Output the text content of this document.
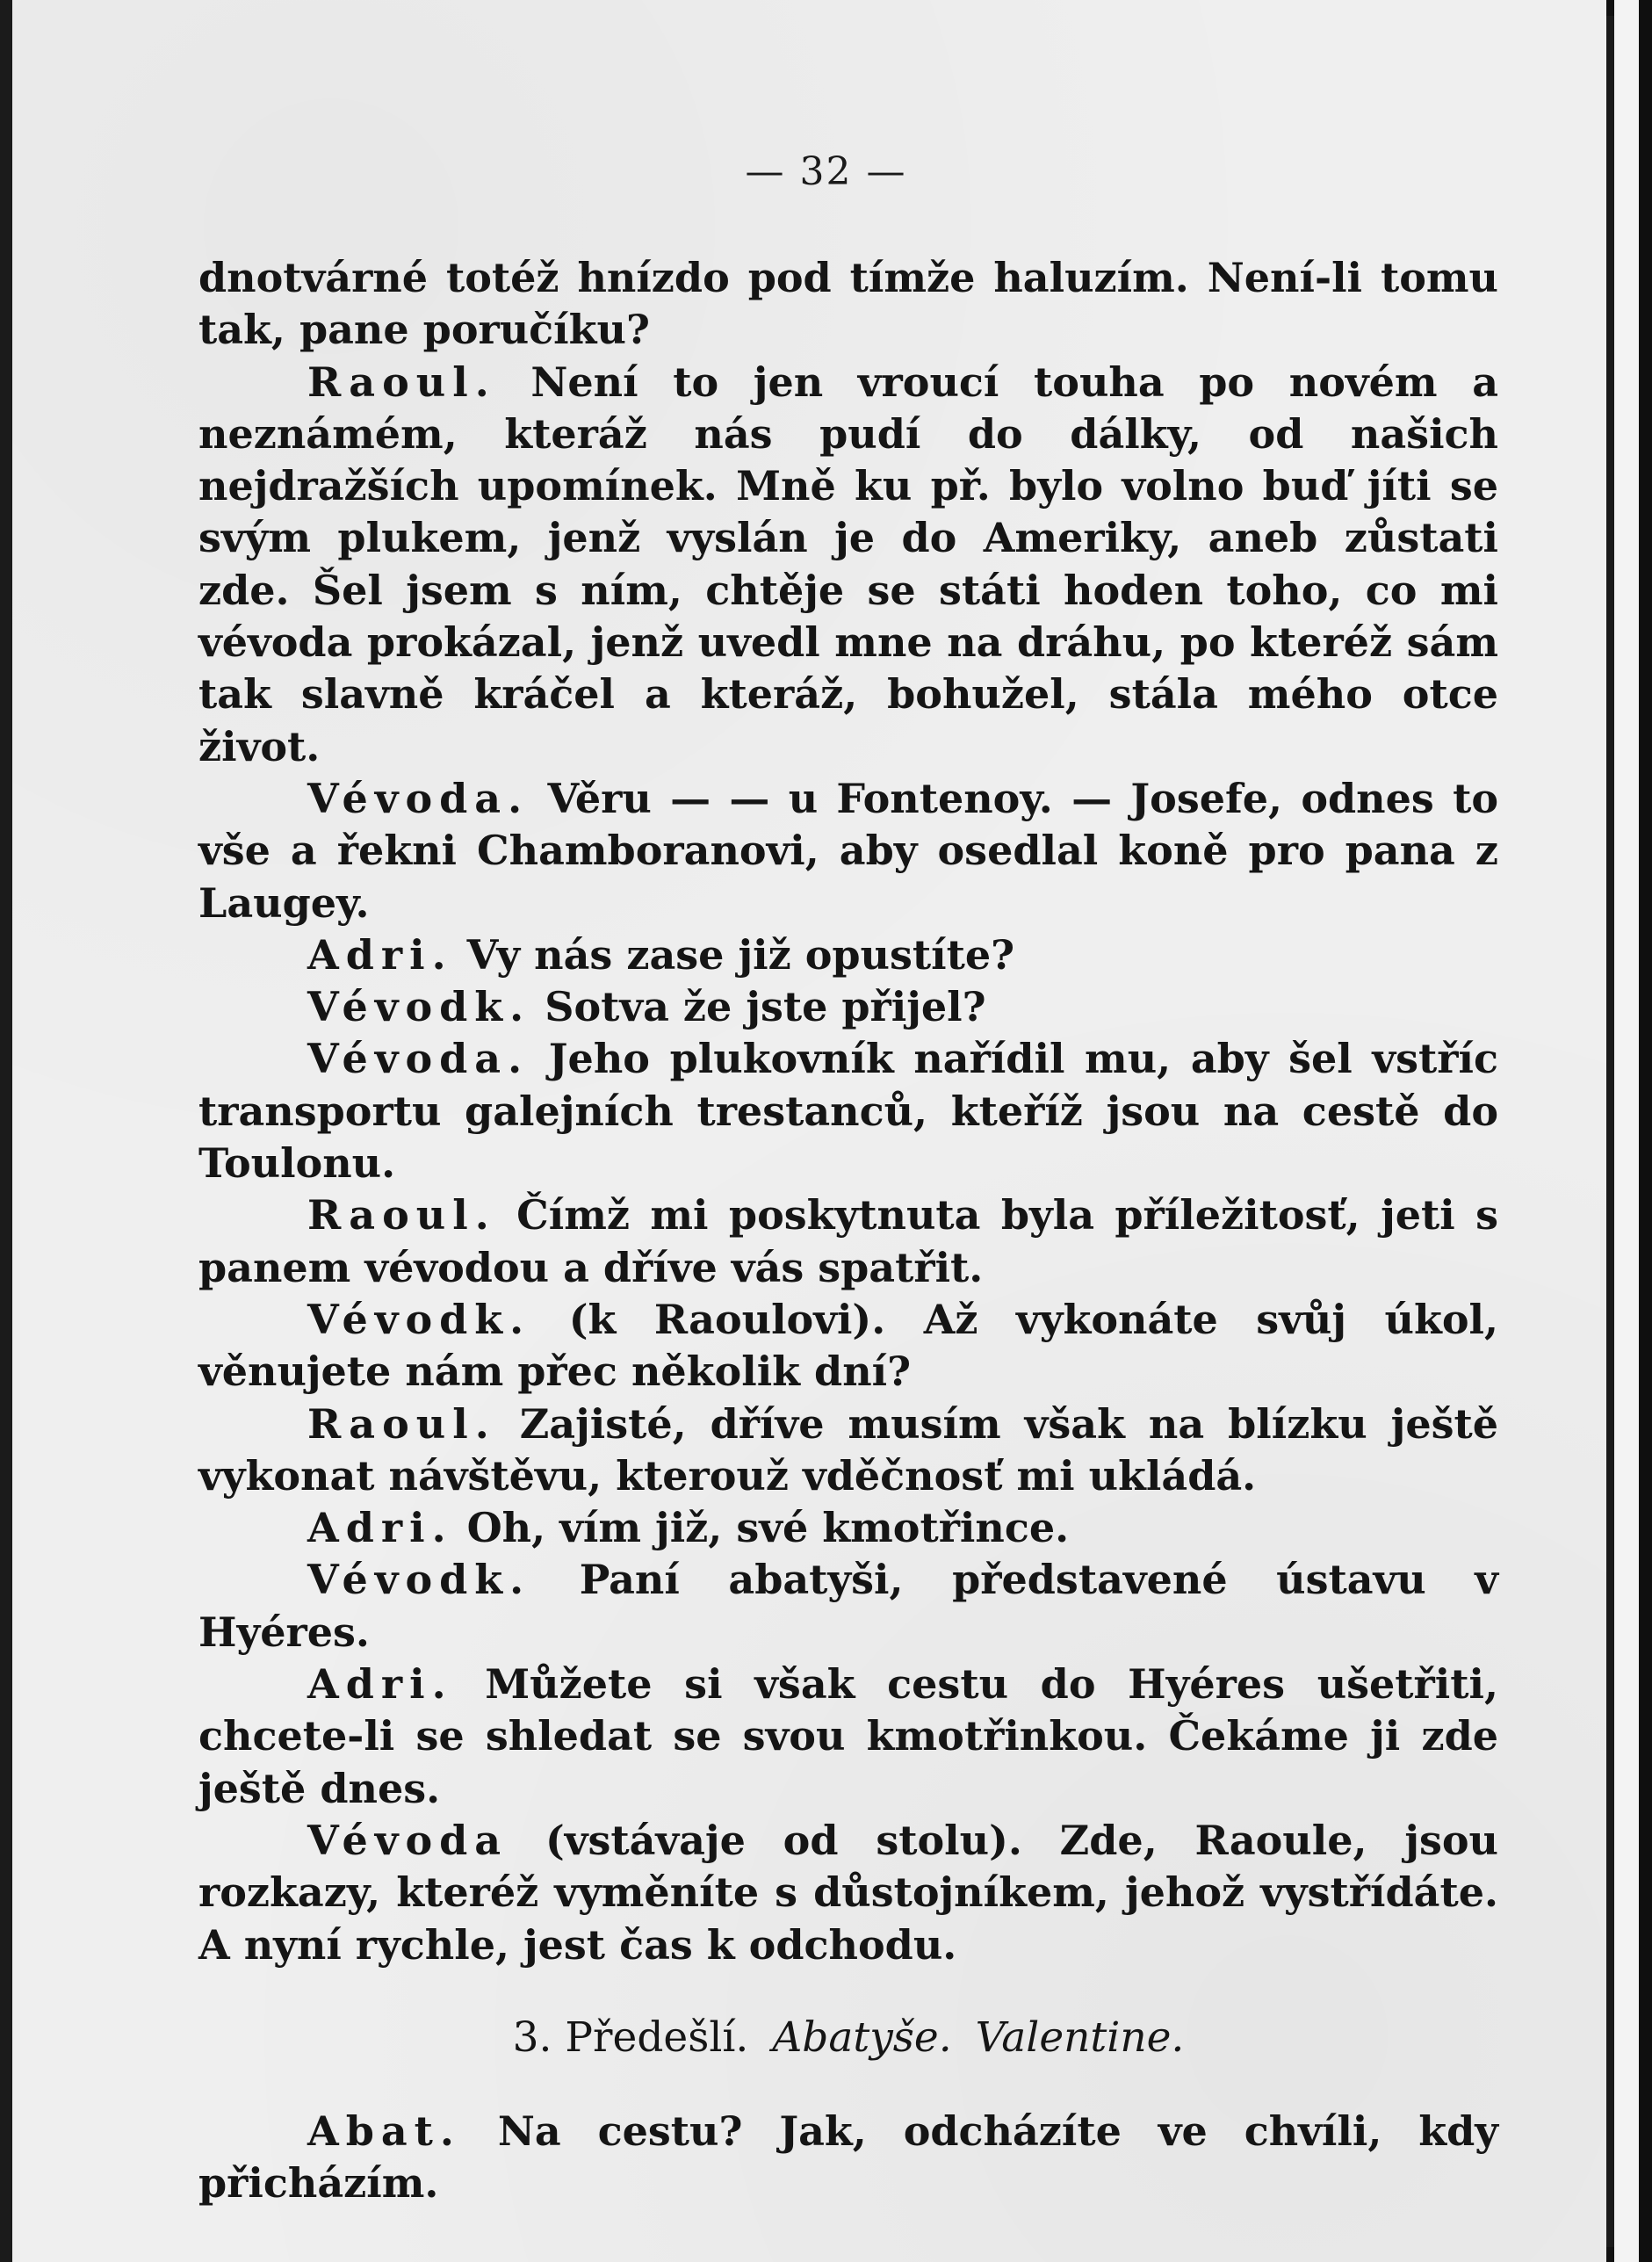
— 32 —

dnotvárné totéž hnízdo pod tímže haluzím. Není-li tomu tak, pane poručíku?

Raoul. Není to jen vroucí touha po novém a neznámém, kteráž nás pudí do dálky, od našich nejdražších upomínek. Mně ku př. bylo volno buď jíti se svým plukem, jenž vyslán je do Ameriky, aneb zůstati zde. Šel jsem s ním, chtěje se státi hoden toho, co mi vévoda prokázal, jenž uvedl mne na dráhu, po kteréž sám tak slavně kráčel a kteráž, bohužel, stála mého otce život.

Vévoda. Věru — — u Fontenoy. — Josefe, odnes to vše a řekni Chamboranovi, aby osedlal koně pro pana z Laugey.

Adri. Vy nás zase již opustíte?

Vévodk. Sotva že jste přijel?

Vévoda. Jeho plukovník nařídil mu, aby šel vstříc transportu galejních trestanců, kteříž jsou na cestě do Toulonu.

Raoul. Čímž mi poskytnuta byla příležitosť, jeti s panem vévodou a dříve vás spatřit.

Vévodk. (k Raoulovi). Až vykonáte svůj úkol, věnujete nám přec několik dní?

Raoul. Zajisté, dříve musím však na blízku ještě vykonat návštěvu, kterouž vděčnosť mi ukládá.

Adri. Oh, vím již, své kmotřince.

Vévodk. Paní abatyši, představené ústavu v Hyéres.

Adri. Můžete si však cestu do Hyéres ušetřiti, chcete-li se shledat se svou kmotřinkou. Čekáme ji zde ještě dnes.

Vévoda (vstávaje od stolu). Zde, Raoule, jsou rozkazy, kteréž vyměníte s důstojníkem, jehož vystřídáte. A nyní rychle, jest čas k odchodu.

3. Předešlí. Abatyše. Valentine.

Abat. Na cestu? Jak, odcházíte ve chvíli, kdy přicházím.
